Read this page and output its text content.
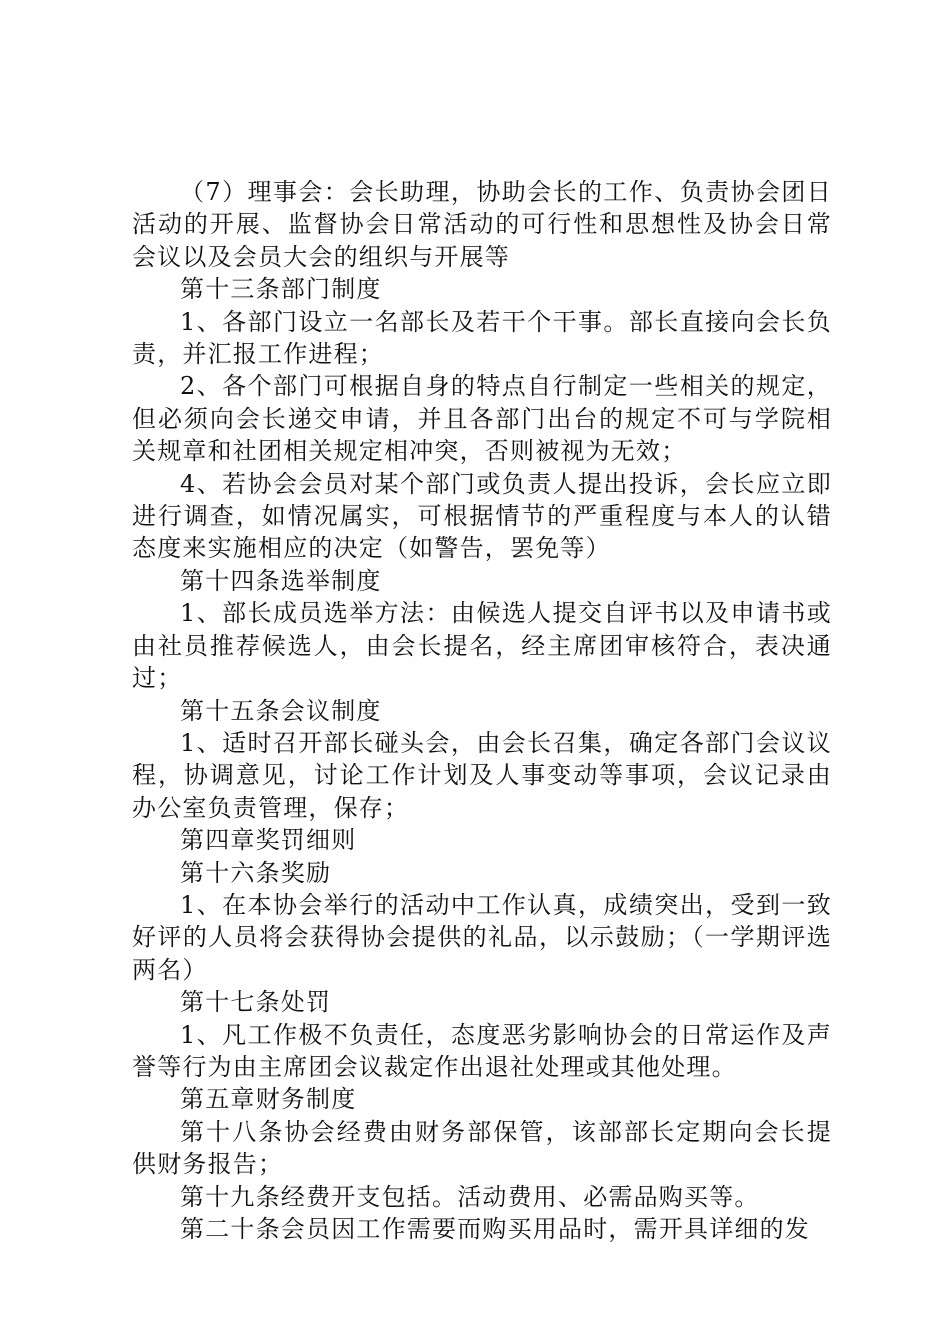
（7）理事会：会长助理，协助会长的工作、负责协会团日活动的开展、监督协会日常活动的可行性和思想性及协会日常会议以及会员大会的组织与开展等

第十三条部门制度

1、各部门设立一名部长及若干个干事。部长直接向会长负责，并汇报工作进程；

2、各个部门可根据自身的特点自行制定一些相关的规定，但必须向会长递交申请，并且各部门出台的规定不可与学院相关规章和社团相关规定相冲突，否则被视为无效；

4、若协会会员对某个部门或负责人提出投诉，会长应立即进行调查，如情况属实，可根据情节的严重程度与本人的认错态度来实施相应的决定（如警告，罢免等）

第十四条选举制度

1、部长成员选举方法：由候选人提交自评书以及申请书或由社员推荐候选人，由会长提名，经主席团审核符合，表决通过；

第十五条会议制度

1、适时召开部长碰头会，由会长召集，确定各部门会议议程，协调意见，讨论工作计划及人事变动等事项，会议记录由办公室负责管理，保存；

第四章奖罚细则

第十六条奖励

1、在本协会举行的活动中工作认真，成绩突出，受到一致好评的人员将会获得协会提供的礼品，以示鼓励；（一学期评选两名）

第十七条处罚

1、凡工作极不负责任，态度恶劣影响协会的日常运作及声誉等行为由主席团会议裁定作出退社处理或其他处理。

第五章财务制度

第十八条协会经费由财务部保管，该部部长定期向会长提供财务报告；

第十九条经费开支包括。活动费用、必需品购买等。

第二十条会员因工作需要而购买用品时，需开具详细的发
